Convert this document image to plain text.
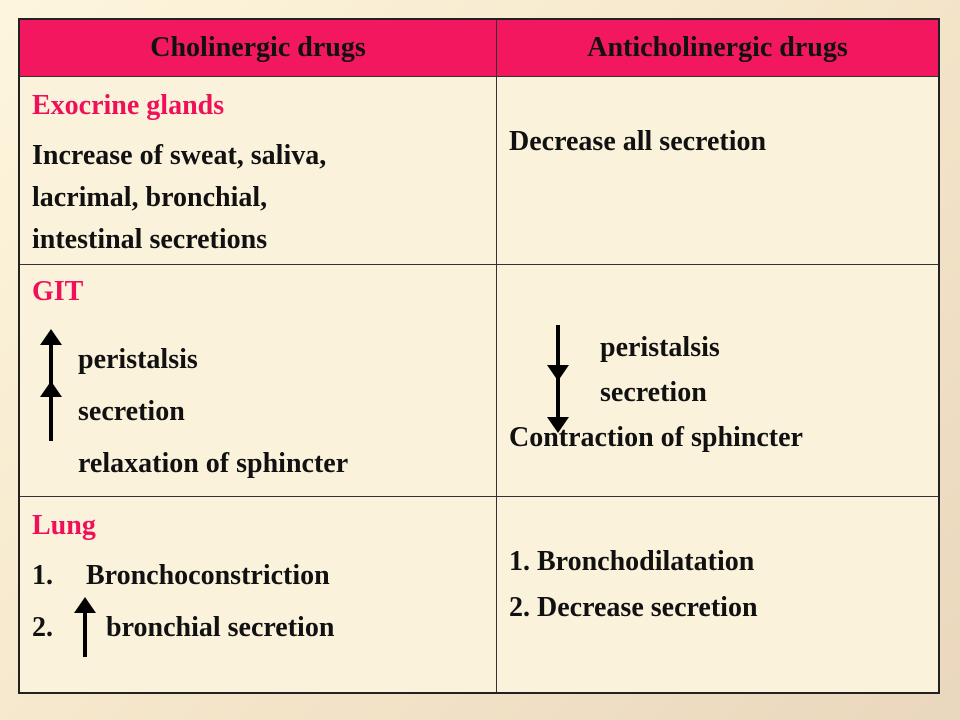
Cholinergic drugs	Anticholinergic drugs
Exocrine glands
Increase of sweat, saliva,
lacrimal, bronchial,
intestinal secretions
Decrease all secretion
GIT
peristalsis
secretion
relaxation of sphincter
peristalsis
secretion
Contraction of sphincter
Lung
1. Bronchoconstriction
2. bronchial secretion
1. Bronchodilatation
2. Decrease secretion
